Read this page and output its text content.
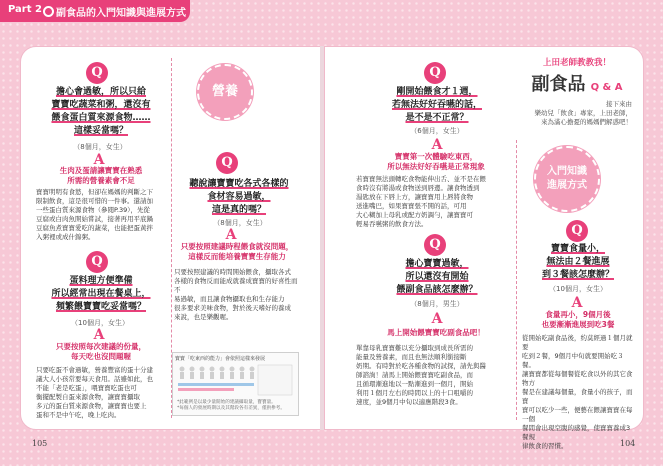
Part 2 副食品的入門知識與進展方式
Q
擔心會過敏，所以只給
寶寶吃蔬菜和粥，還沒有
餵食蛋白質來源食物……
這樣妥當嗎？
（8個月，女生）
A
生肉及蛋請讓寶寶在熟悉
所需的營養素會不足
寶寶明明有食慾，但卻在媽媽的判斷之下
限制飲食，這是很可惜的一件事。還請加
一些蛋白質來源食物（參閱P.39），先從
豆腐或白肉魚開始嘗試，接著再用平底鍋
豆腐魚煮寶寶愛吃的蔬菜，也能把蛋黃拌
入粥裡或成什錦粥。
Q
蛋料理方便準備
所以經常出現在餐桌上，
頻繁餵寶寶吃妥當嗎？
（10個月，女生）
A
只要按照每次建議的份量，
每天吃也沒問題喔
只要吃蛋不會過敏，營養豐富的蛋十分建
議大人小孩常要每天食用。話雖如此，也
不能「老是吃蛋」，喂寶寶吃蛋也可
衡擺配製自蛋來源食物，讓寶寶攝取
多元的蛋白質來源食物，讓寶寶也要上
蛋和不是中午吃，晚上吃肉。
營養
Q
聽說讓寶寶吃各式各樣的
食材容易過敏，
這是真的嗎？
（8個月，女生）
A
只要按照建議時程餵食就沒問題，
這樣反而能培養寶寶生存能力
只要按照建議的時間開始餵食，攝取各式
各樣的食物反而能成就養成寶寶的好喜性而不
易過敏，而且讓食物攝取也和生存能力
很多要求美味食物，對於後天嗜好的養成
來說，也是樂觀喔。
寶寶「吃東西的能力」會依照這樣來發展
*此範例是以最少量開始的建議攝取量，寶寶量。
*每個人的發展時期以及其階段各有差異，僅供參考。
Q
剛開始餵食才１週，
若無法好好吞嚥的話，
是不是不正常？
（6個月，女生）
A
寶寶第一次體驗吃東西，
所以無法好好吞嚥是正常現象
若寶寶無法頭轉吃食物能伸出舌、並不是在餵
食時沒有將湯或食物送到唇邊。讓食物透到
湯匙放在下唇上方，讓寶寶用上唇將食物
送進嘴巴，如果寶寶張不開的話，可用
大心糊加上母乳或配方奶調勻，讓寶寶可
輕易吞嚥粥的飲食方法。
Q
擔心寶寶過敏，
所以還沒有開始
餵副食品該怎麼辦？
（8個月，男生）
A
馬上開始餵寶寶吃副食品吧！
單靠母乳寶寶難以充分攝取到成長所需的
能量及營養素，而且也無法順利銜接斷
奶期。有時對於吃各種食物的試探，請先與醫
師諮詢！請馬上開始餵寶寶吃副食品，而
且循環漸進地以一點漸進到一個月，開始
利用１個月左右的時間以上的十口咀嚼的
速度，並9個月中旬以適應階段3食。
上田老師教教我！
副食品 Q & A
接下來由
樂幼兒「飲食」專家，上田老師，
來為滿心擔憂的媽媽們解惑吧！
入門知識
進展方式
Q
寶寶食量小，
無法由２餐進展
到３餐該怎麼辦？
（10個月，女生）
A
食量再小，9個月後
也要漸漸進展到吃3餐
從開始吃副食品後，約莫經過１個月就要
吃到２餐，9個月中旬就要開始吃３餐。
讓寶寶都從每個餐從吃食以外的其它食物方
餐是在建議每個量，食量小的孩子，而寶
寶可以吃少一些，便藝在餵讓寶寶在每一個
餐間會出現空腹的感覺，使寶寶養成3餐規
律飲食的習慣。
105	104
